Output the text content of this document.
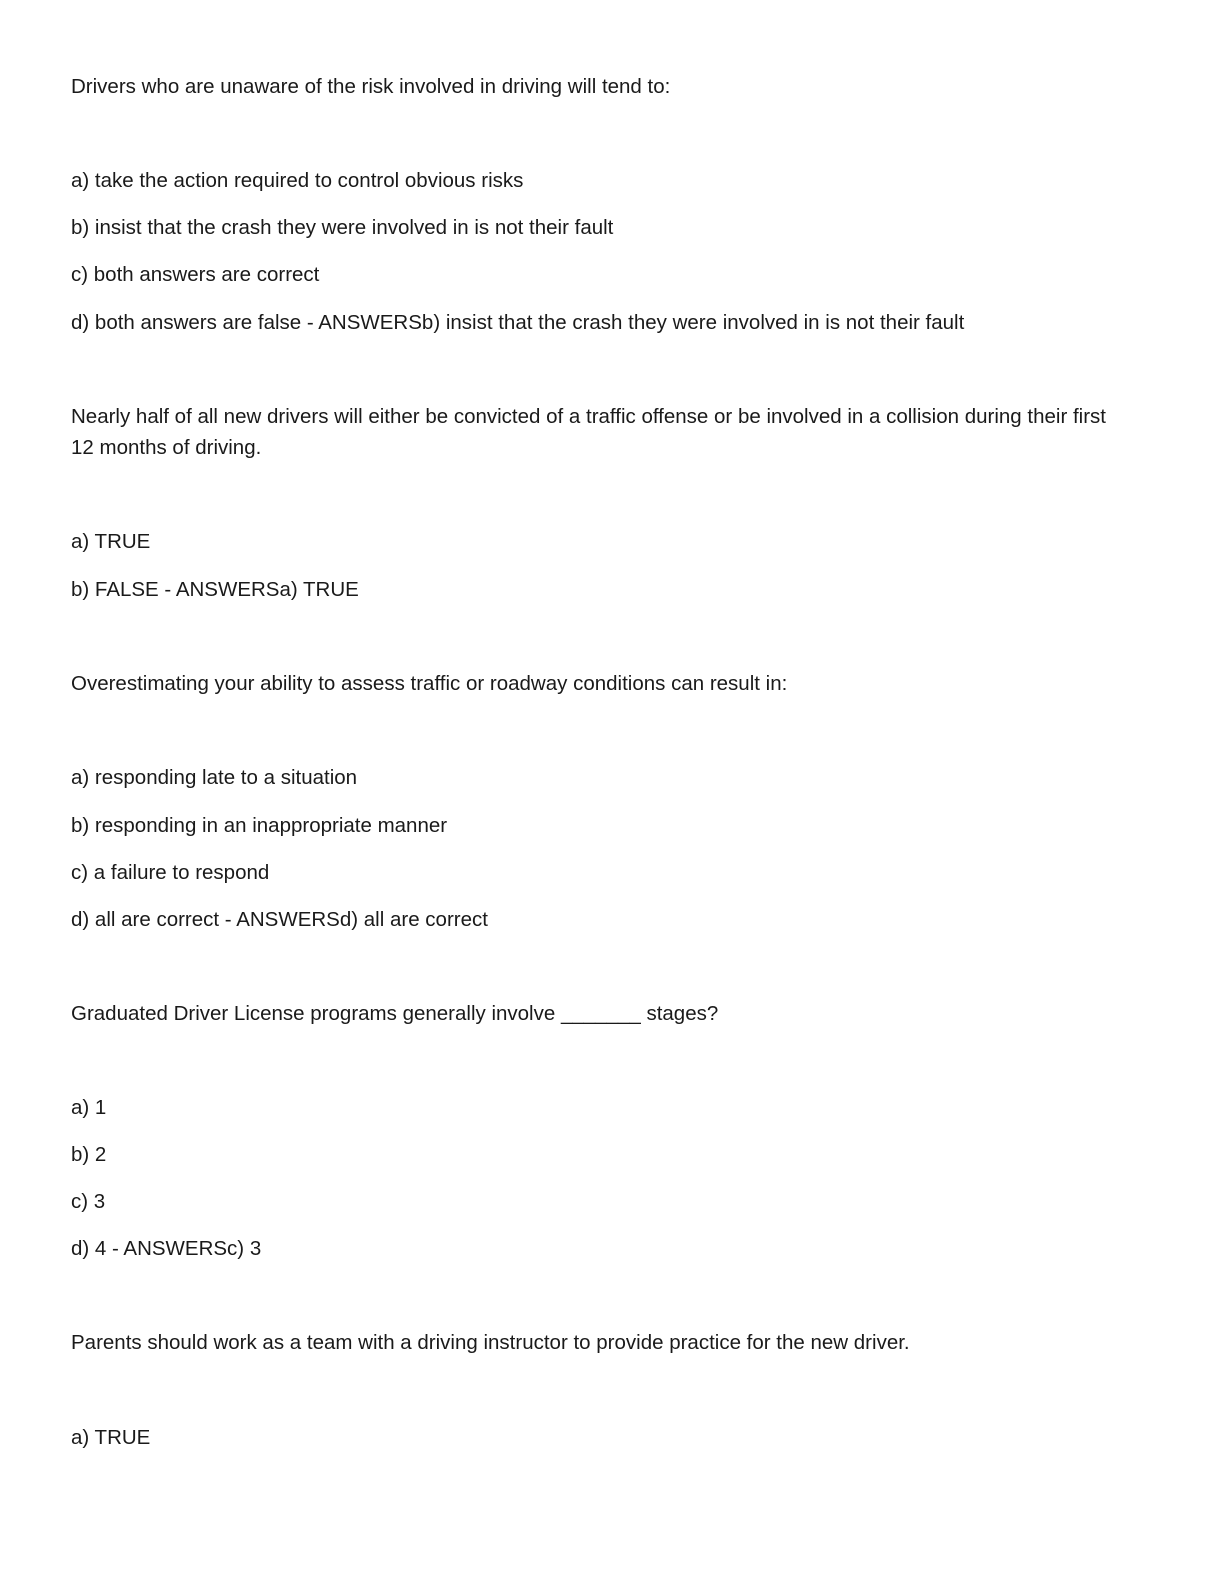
Drivers who are unaware of the risk involved in driving will tend to:
a) take the action required to control obvious risks
b) insist that the crash they were involved in is not their fault
c) both answers are correct
d) both answers are false - ANSWERSb) insist that the crash they were involved in is not their fault
Nearly half of all new drivers will either be convicted of a traffic offense or be involved in a collision during their first 12 months of driving.
a) TRUE
b) FALSE - ANSWERSa) TRUE
Overestimating your ability to assess traffic or roadway conditions can result in:
a) responding late to a situation
b) responding in an inappropriate manner
c) a failure to respond
d) all are correct - ANSWERSd) all are correct
Graduated Driver License programs generally involve _______ stages?
a) 1
b) 2
c) 3
d) 4 - ANSWERSc) 3
Parents should work as a team with a driving instructor to provide practice for the new driver.
a) TRUE
